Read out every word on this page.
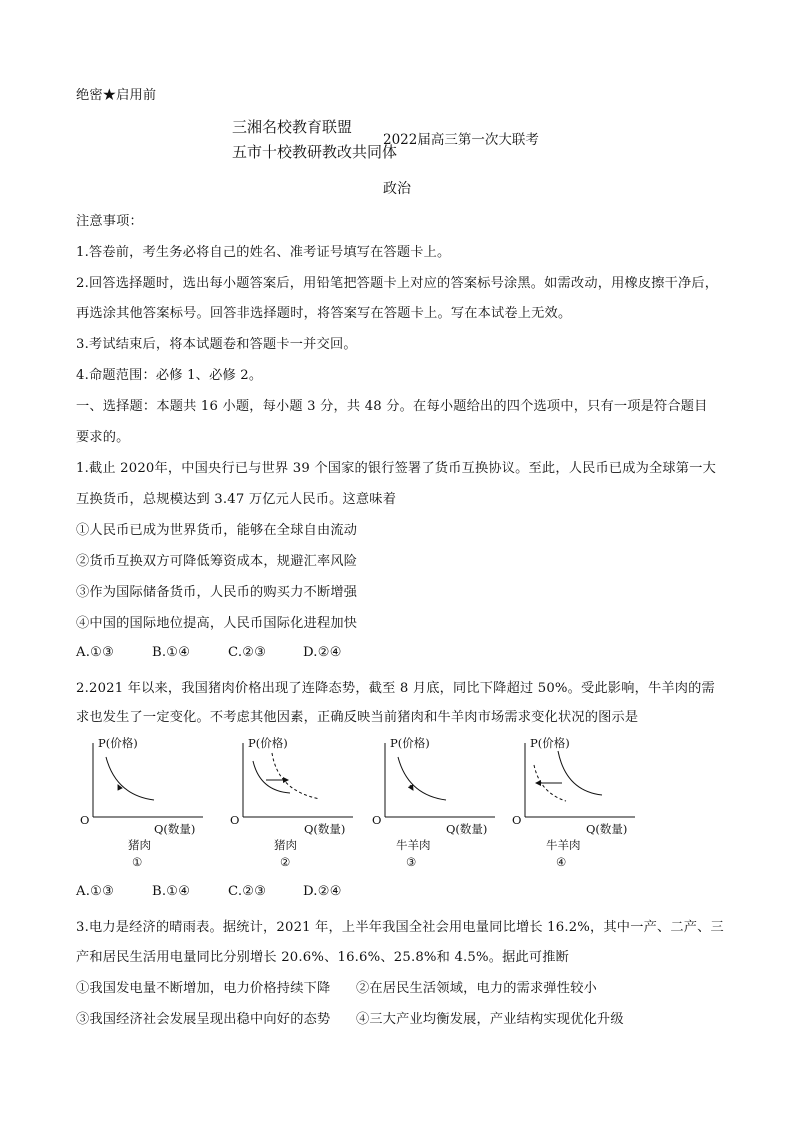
绝密★启用前
三湘名校教育联盟
五市十校教研教改共同体
2022届高三第一次大联考
政治
注意事项：
1.答卷前，考生务必将自己的姓名、准考证号填写在答题卡上。
2.回答选择题时，选出每小题答案后，用铅笔把答题卡上对应的答案标号涂黑。如需改动，用橡皮擦干净后，
再选涂其他答案标号。回答非选择题时，将答案写在答题卡上。写在本试卷上无效。
3.考试结束后，将本试题卷和答题卡一并交回。
4.命题范围：必修 1、必修 2。
一、选择题：本题共 16 小题，每小题 3 分，共 48 分。在每小题给出的四个选项中，只有一项是符合题目
要求的。
1.截止 2020年，中国央行已与世界 39 个国家的银行签署了货币互换协议。至此，人民币已成为全球第一大
互换货币，总规模达到 3.47 万亿元人民币。这意味着
①人民币已成为世界货币，能够在全球自由流动
②货币互换双方可降低筹资成本，规避汇率风险
③作为国际储备货币，人民币的购买力不断增强
④中国的国际地位提高，人民币国际化进程加快
A.①③	B.①④	C.②③	D.②④
2.2021 年以来，我国猪肉价格出现了连降态势，截至 8 月底，同比下降超过 50%。受此影响，牛羊肉的需
求也发生了一定变化。不考虑其他因素，正确反映当前猪肉和牛羊肉市场需求变化状况的图示是
P(价格)
O
Q(数量)
猪肉
①
P(价格)
O
Q(数量)
猪肉
②
P(价格)
O
Q(数量)
牛羊肉
③
P(价格)
O
Q(数量)
牛羊肉
④
A.①③	B.①④	C.②③	D.②④
3.电力是经济的晴雨表。据统计，2021 年，上半年我国全社会用电量同比增长 16.2%，其中一产、二产、三
产和居民生活用电量同比分别增长 20.6%、16.6%、25.8%和 4.5%。据此可推断
①我国发电量不断增加，电力价格持续下降 ②在居民生活领域，电力的需求弹性较小
③我国经济社会发展呈现出稳中向好的态势 ④三大产业均衡发展，产业结构实现优化升级
